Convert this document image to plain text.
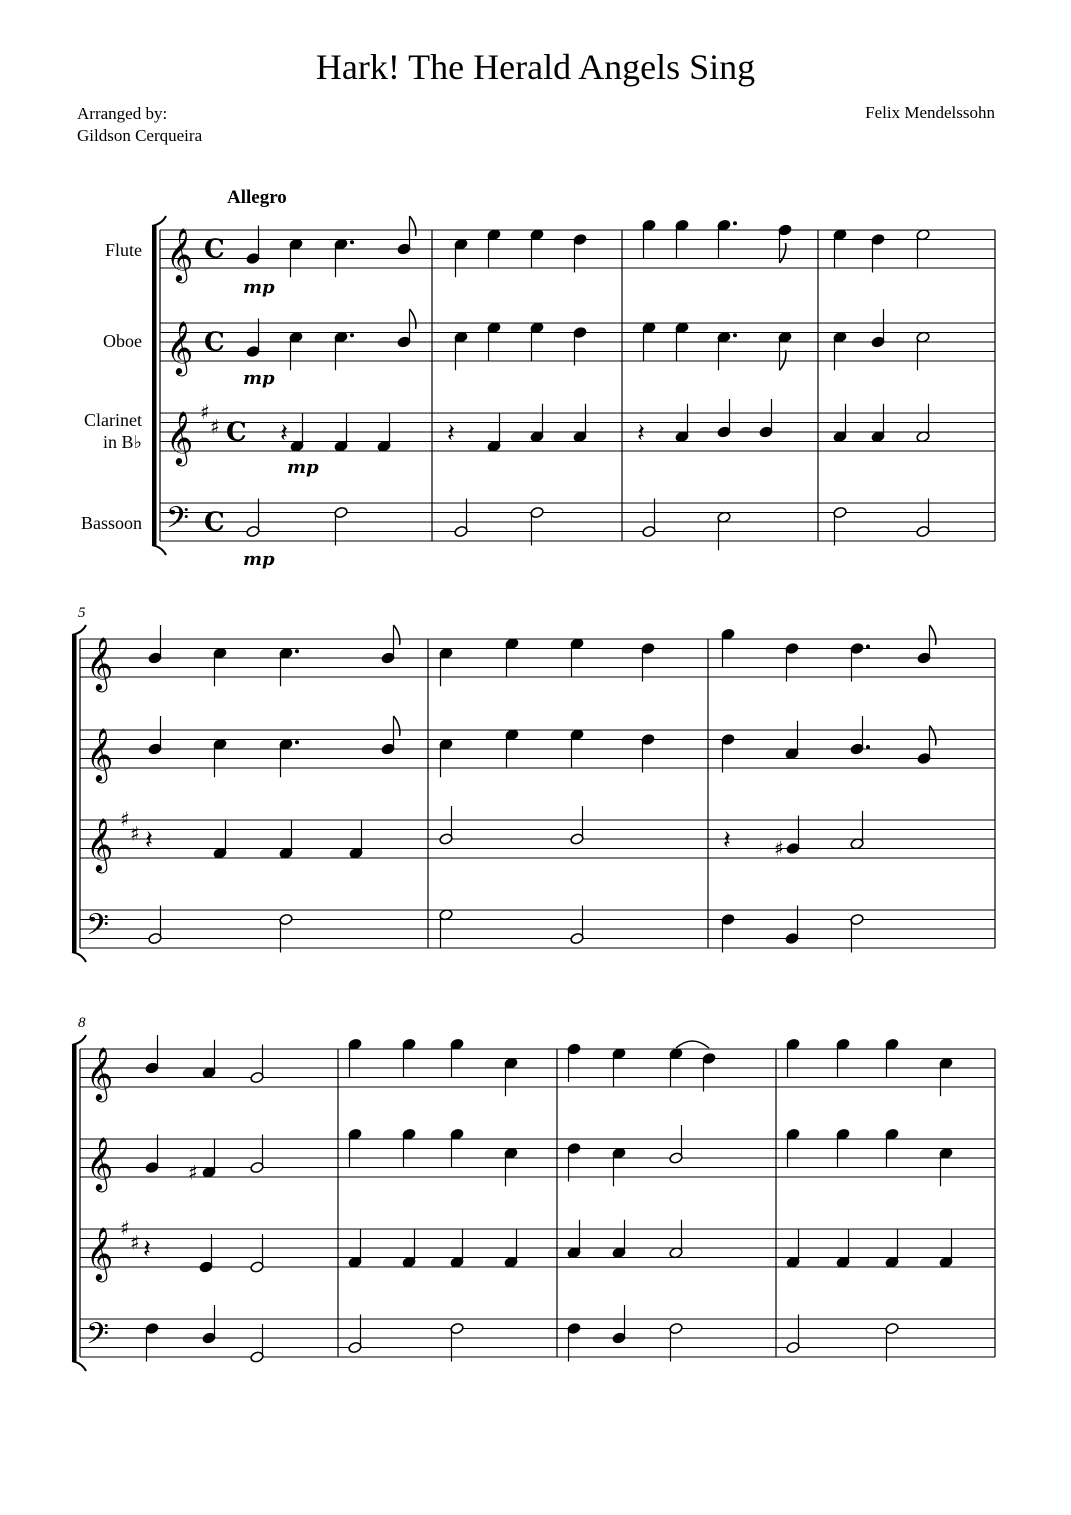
Hark! The Herald Angels Sing
Arranged by:
Gildson Cerqueira
Felix Mendelssohn
Allegro
Flute
Oboe
Clarinet
in B♭
Bassoon
5
8
𝄞 C
𝄞 C
𝄞 ♯
♯ C
𝄢 C
𝄞
𝄞
𝄞 ♯
♯
𝄢
𝄞
𝄞
𝄞 ♯
♯
𝄢
𝄽	𝄽	𝄽
mp
mp
mp
mp
𝄽	𝄽 ♯
♯
𝄽
